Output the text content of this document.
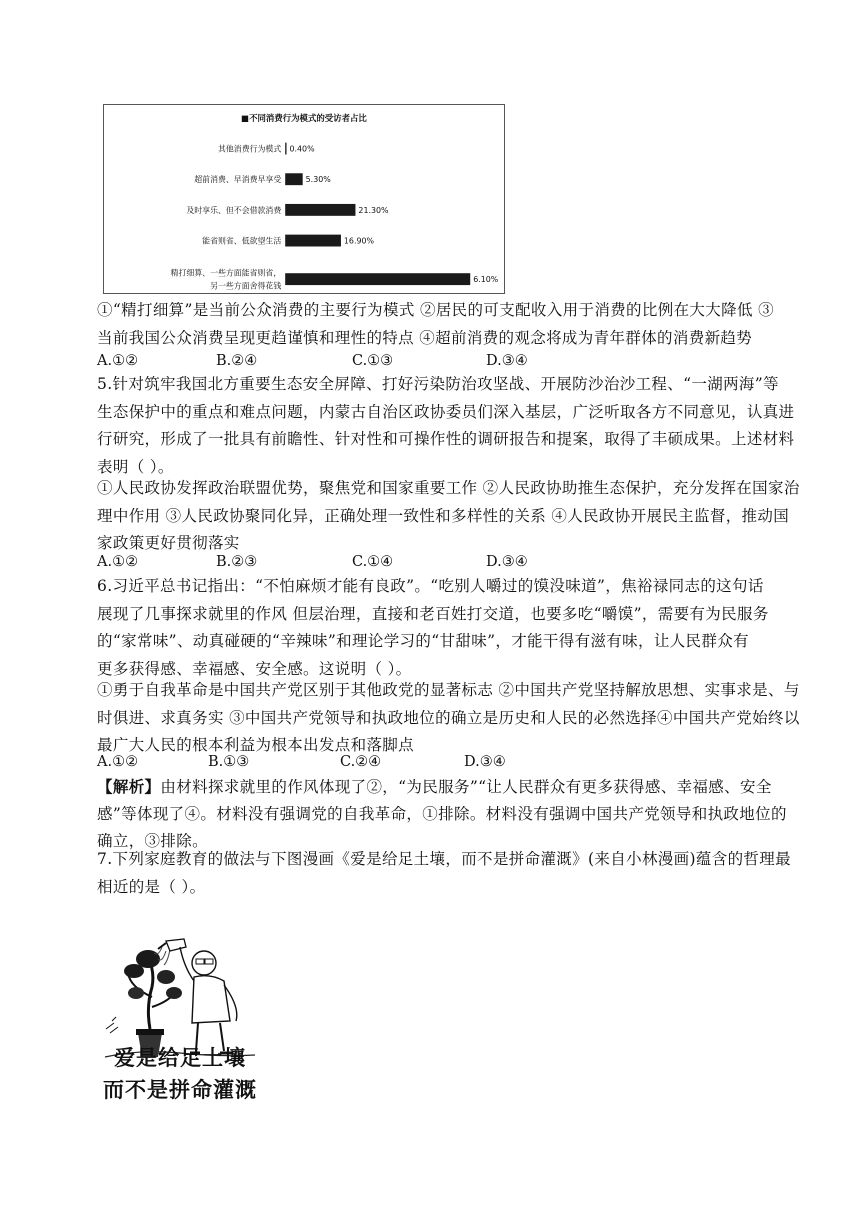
■不同消费行为模式的受访者占比
其他消费行为模式 0.40%
超前消费、早消费早享受	5.30%
及时享乐、但不会借款消费	21.30%
能省则省、低欲望生活	16.90%
精打细算、一些方面能省则省，
另一些方面舍得花钱
6.10%
①“精打细算”是当前公众消费的主要行为模式 ②居民的可支配收入用于消费的比例在大大降低 ③
当前我国公众消费呈现更趋谨慎和理性的特点 ④超前消费的观念将成为青年群体的消费新趋势
A.①②	B.②④	C.①③	D.③④
5.针对筑牢我国北方重要生态安全屏障、打好污染防治攻坚战、开展防沙治沙工程、“一湖两海”等
生态保护中的重点和难点问题，内蒙古自治区政协委员们深入基层，广泛听取各方不同意见，认真进
行研究，形成了一批具有前瞻性、针对性和可操作性的调研报告和提案，取得了丰硕成果。上述材料
表明（ ）。
①人民政协发挥政治联盟优势，聚焦党和国家重要工作 ②人民政协助推生态保护，充分发挥在国家治
理中作用 ③人民政协聚同化异，正确处理一致性和多样性的关系 ④人民政协开展民主监督，推动国
家政策更好贯彻落实
A.①②	B.②③	C.①④	D.③④
6.习近平总书记指出：“不怕麻烦才能有良政”。“吃别人嚼过的馍没味道”，焦裕禄同志的这句话
展现了几事探求就里的作风 但层治理，直接和老百姓打交道，也要多吃“嚼馍”，需要有为民服务
的“家常味”、动真碰硬的“辛辣味”和理论学习的“甘甜味”，才能干得有滋有味，让人民群众有
更多获得感、幸福感、安全感。这说明（ ）。
①勇于自我革命是中国共产党区别于其他政党的显著标志 ②中国共产党坚持解放思想、实事求是、与
时俱进、求真务实 ③中国共产党领导和执政地位的确立是历史和人民的必然选择④中国共产党始终以
最广大人民的根本利益为根本出发点和落脚点
A.①②	B.①③	C.②④	D.③④
【解析】由材料探求就里的作风体现了②，“为民服务”“让人民群众有更多获得感、幸福感、安全
感”等体现了④。材料没有强调党的自我革命，①排除。材料没有强调中国共产党领导和执政地位的
确立，③排除。
7.下列家庭教育的做法与下图漫画《爱是给足土壤，而不是拼命灌溉》(来自小林漫画)蕴含的哲理最
相近的是（ ）。
爱是给足土壤
而不是拼命灌溉
